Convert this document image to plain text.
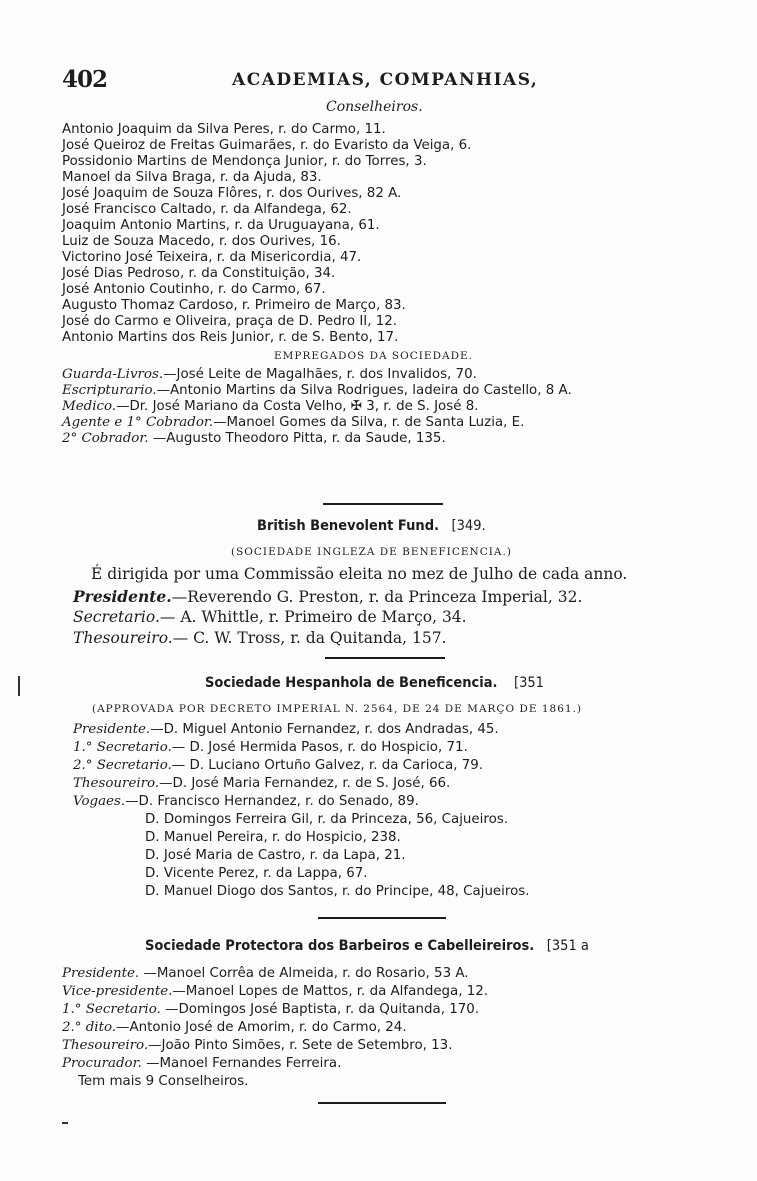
402	ACADEMIAS, COMPANHIAS,
Conselheiros.
Antonio Joaquim da Silva Peres, r. do Carmo, 11.
José Queiroz de Freitas Guimarães, r. do Evaristo da Veiga, 6.
Possidonio Martins de Mendonça Junior, r. do Torres, 3.
Manoel da Silva Braga, r. da Ajuda, 83.
José Joaquim de Souza Flôres, r. dos Ourives, 82 A.
José Francisco Caltado, r. da Alfandega, 62.
Joaquim Antonio Martins, r. da Uruguayana, 61.
Luiz de Souza Macedo, r. dos Ourives, 16.
Victorino José Teixeira, r. da Misericordia, 47.
José Dias Pedroso, r. da Constituição, 34.
José Antonio Coutinho, r. do Carmo, 67.
Augusto Thomaz Cardoso, r. Primeiro de Março, 83.
José do Carmo e Oliveira, praça de D. Pedro II, 12.
Antonio Martins dos Reis Junior, r. de S. Bento, 17.
EMPREGADOS DA SOCIEDADE.
Guarda-Livros.—José Leite de Magalhães, r. dos Invalidos, 70.
Escripturario.—Antonio Martins da Silva Rodrigues, ladeira do Castello, 8 A.
Medico.—Dr. José Mariano da Costa Velho, ✠ 3, r. de S. José 8.
Agente e 1° Cobrador.—Manoel Gomes da Silva, r. de Santa Luzia, E.
2° Cobrador. —Augusto Theodoro Pitta, r. da Saude, 135.
British Benevolent Fund. [349.
(SOCIEDADE INGLEZA DE BENEFICENCIA.)
É dirigida por uma Commissão eleita no mez de Julho de cada anno.
Presidente.—Reverendo G. Preston, r. da Princeza Imperial, 32.
Secretario.— A. Whittle, r. Primeiro de Março, 34.
Thesoureiro.— C. W. Tross, r. da Quitanda, 157.
Sociedade Hespanhola de Beneficencia. [351
(APPROVADA POR DECRETO IMPERIAL N. 2564, DE 24 DE MARÇO DE 1861.)
Presidente.—D. Miguel Antonio Fernandez, r. dos Andradas, 45.
1.° Secretario.— D. José Hermida Pasos, r. do Hospicio, 71.
2.° Secretario.— D. Luciano Ortuño Galvez, r. da Carioca, 79.
Thesoureiro.—D. José Maria Fernandez, r. de S. José, 66.
Vogaes.—D. Francisco Hernandez, r. do Senado, 89.
D. Domingos Ferreira Gil, r. da Princeza, 56, Cajueiros.
D. Manuel Pereira, r. do Hospicio, 238.
D. José Maria de Castro, r. da Lapa, 21.
D. Vicente Perez, r. da Lappa, 67.
D. Manuel Diogo dos Santos, r. do Principe, 48, Cajueiros.
Sociedade Protectora dos Barbeiros e Cabelleireiros. [351 a
Presidente. —Manoel Corrêa de Almeida, r. do Rosario, 53 A.
Vice-presidente.—Manoel Lopes de Mattos, r. da Alfandega, 12.
1.° Secretario. —Domingos José Baptista, r. da Quitanda, 170.
2.° dito.—Antonio José de Amorim, r. do Carmo, 24.
Thesoureiro.—João Pinto Simões, r. Sete de Setembro, 13.
Procurador. —Manoel Fernandes Ferreira.
Tem mais 9 Conselheiros.
